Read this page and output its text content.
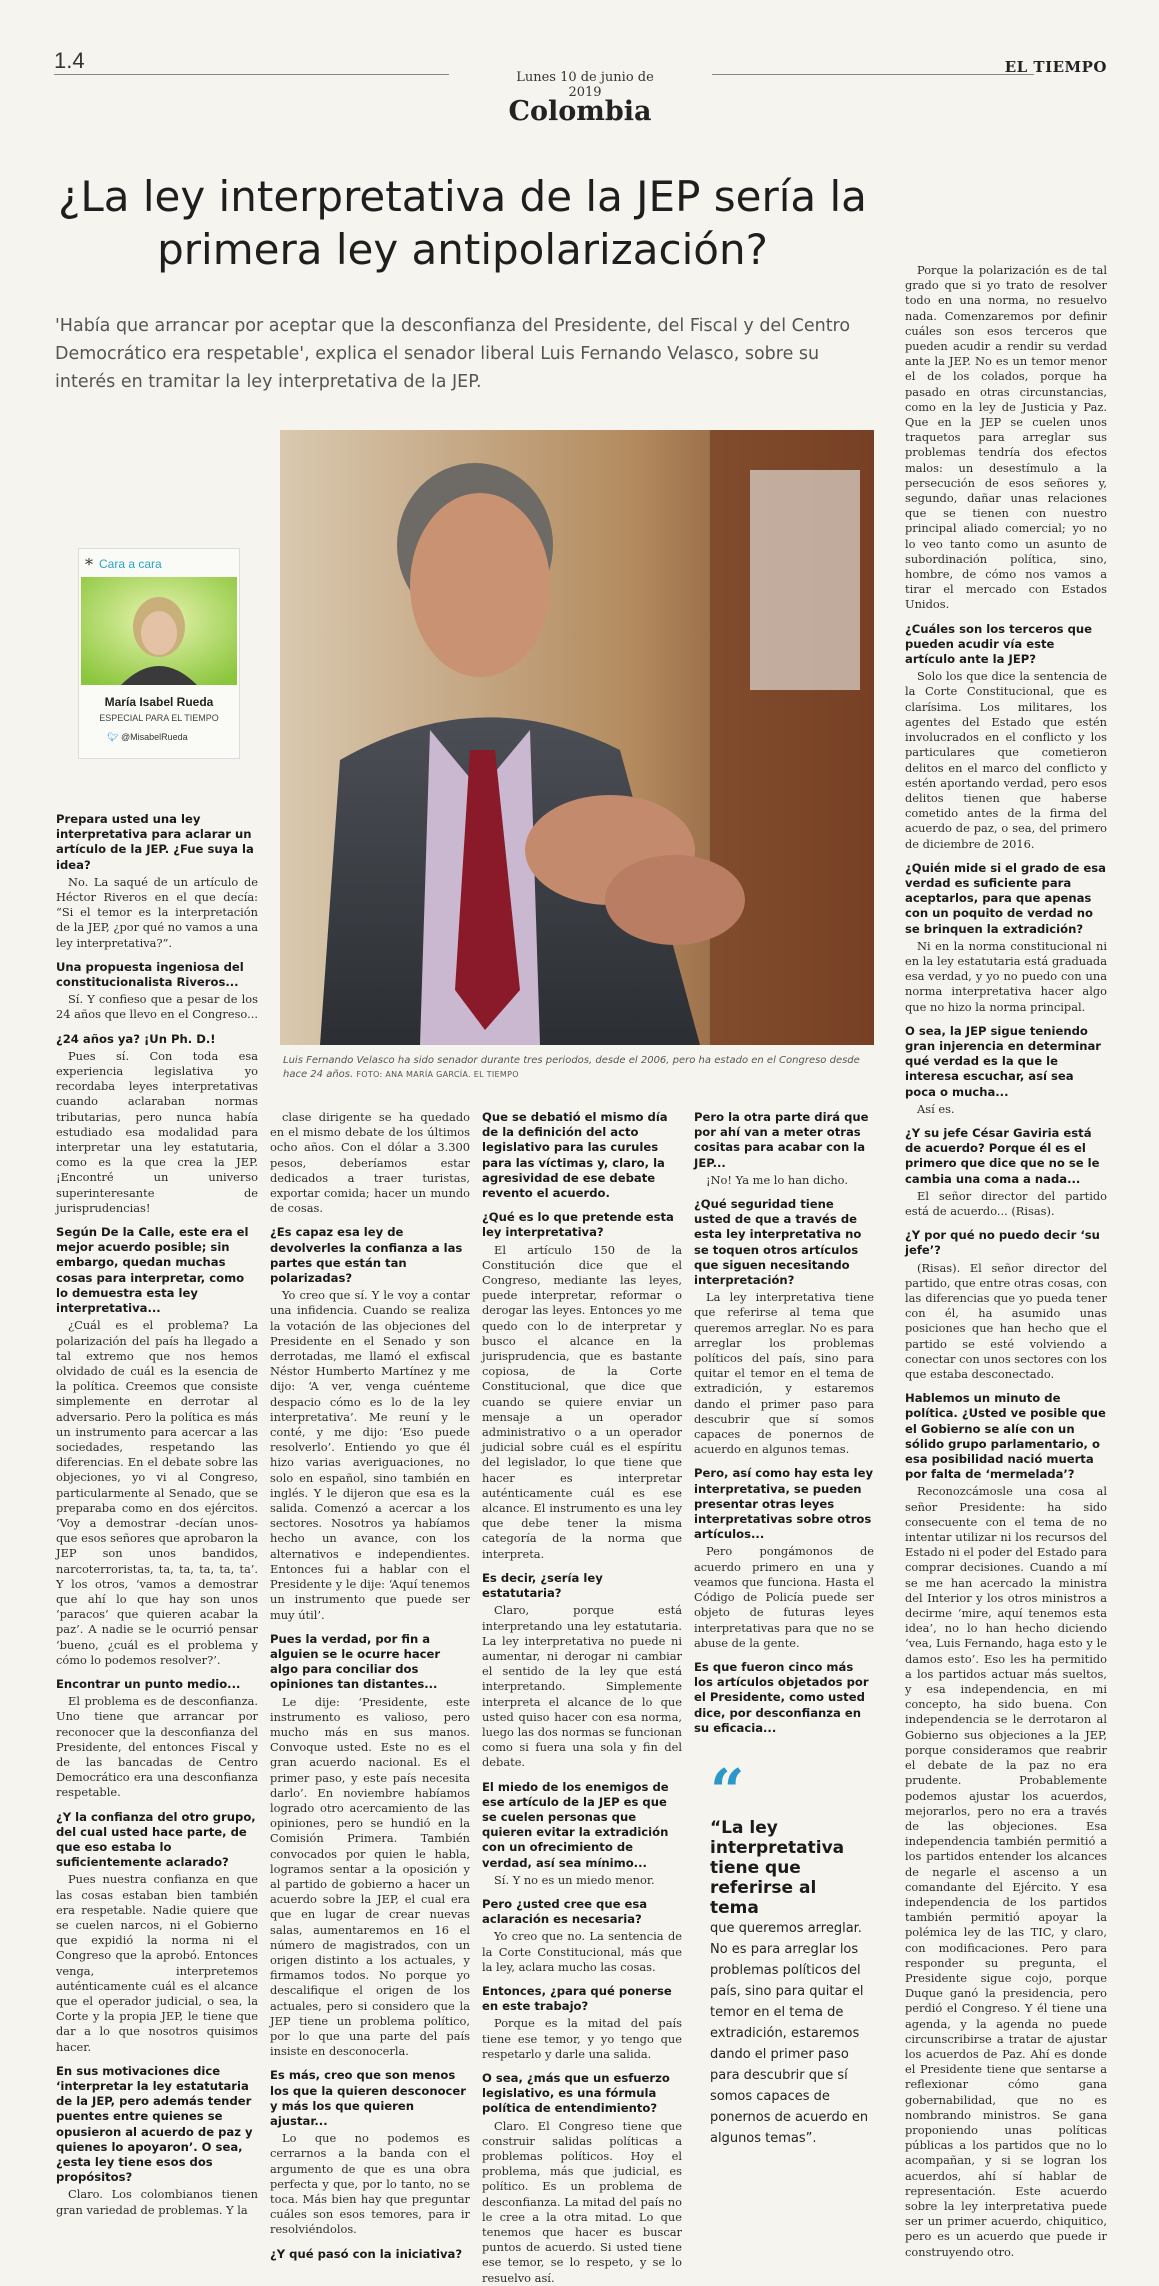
1.4
Lunes 10 de junio de 2019
EL TIEMPO
Colombia
¿La ley interpretativa de la JEP sería la primera ley antipolarización?

'Había que arrancar por aceptar que la desconfianza del Presidente, del Fiscal y del Centro Democrático era respetable', explica el senador liberal Luis Fernando Velasco, sobre su interés en tramitar la ley interpretativa de la JEP.

* Cara a cara
María Isabel Rueda
ESPECIAL PARA EL TIEMPO
🐦︎ @MisabelRueda
Luis Fernando Velasco ha sido senador durante tres periodos, desde el 2006, pero ha estado en el Congreso desde hace 24 años. FOTO: ANA MARÍA GARCÍA. EL TIEMPO
Prepara usted una ley interpretativa para aclarar un artículo de la JEP. ¿Fue suya la idea?

No. La saqué de un artículo de Héctor Riveros en el que decía: “Si el temor es la interpretación de la JEP, ¿por qué no vamos a una ley interpretativa?”.

Una propuesta ingeniosa del constitucionalista Riveros...

Sí. Y confieso que a pesar de los 24 años que llevo en el Congreso...

¿24 años ya? ¡Un Ph. D.!

Pues sí. Con toda esa experiencia legislativa yo recordaba leyes interpretativas cuando aclaraban normas tributarias, pero nunca había estudiado esa modalidad para interpretar una ley estatutaria, como es la que crea la JEP. ¡Encontré un universo superinteresante de jurisprudencias!

Según De la Calle, este era el mejor acuerdo posible; sin embargo, quedan muchas cosas para interpretar, como lo demuestra esta ley interpretativa...

¿Cuál es el problema? La polarización del país ha llegado a tal extremo que nos hemos olvidado de cuál es la esencia de la política. Creemos que consiste simplemente en derrotar al adversario. Pero la política es más un instrumento para acercar a las sociedades, respetando las diferencias. En el debate sobre las objeciones, yo vi al Congreso, particularmente al Senado, que se preparaba como en dos ejércitos. ‘Voy a demostrar -decían unos- que esos señores que aprobaron la JEP son unos bandidos, narcoterroristas, ta, ta, ta, ta, ta’. Y los otros, ‘vamos a demostrar que ahí lo que hay son unos ‘paracos’ que quieren acabar la paz’. A nadie se le ocurrió pensar ‘bueno, ¿cuál es el problema y cómo lo podemos resolver?’.

Encontrar un punto medio...

El problema es de desconfianza. Uno tiene que arrancar por reconocer que la desconfianza del Presidente, del entonces Fiscal y de las bancadas de Centro Democrático era una desconfianza respetable.

¿Y la confianza del otro grupo, del cual usted hace parte, de que eso estaba lo suficientemente aclarado?

Pues nuestra confianza en que las cosas estaban bien también era respetable. Nadie quiere que se cuelen narcos, ni el Gobierno que expidió la norma ni el Congreso que la aprobó. Entonces venga, interpretemos auténticamente cuál es el alcance que el operador judicial, o sea, la Corte y la propia JEP, le tiene que dar a lo que nosotros quisimos hacer.

En sus motivaciones dice ‘interpretar la ley estatutaria de la JEP, pero además tender puentes entre quienes se opusieron al acuerdo de paz y quienes lo apoyaron’. O sea, ¿esta ley tiene esos dos propósitos?

Claro. Los colombianos tienen gran variedad de problemas. Y la

clase dirigente se ha quedado en el mismo debate de los últimos ocho años. Con el dólar a 3.300 pesos, deberíamos estar dedicados a traer turistas, exportar comida; hacer un mundo de cosas.

¿Es capaz esa ley de devolverles la confianza a las partes que están tan polarizadas?

Yo creo que sí. Y le voy a contar una infidencia. Cuando se realiza la votación de las objeciones del Presidente en el Senado y son derrotadas, me llamó el exfiscal Néstor Humberto Martínez y me dijo: ‘A ver, venga cuénteme despacio cómo es lo de la ley interpretativa’. Me reuní y le conté, y me dijo: ‘Eso puede resolverlo’. Entiendo yo que él hizo varias averiguaciones, no solo en español, sino también en inglés. Y le dijeron que esa es la salida. Comenzó a acercar a los sectores. Nosotros ya habíamos hecho un avance, con los alternativos e independientes. Entonces fui a hablar con el Presidente y le dije: ‘Aquí tenemos un instrumento que puede ser muy útil’.

Pues la verdad, por fin a alguien se le ocurre hacer algo para conciliar dos opiniones tan distantes...

Le dije: ‘Presidente, este instrumento es valioso, pero mucho más en sus manos. Convoque usted. Este no es el gran acuerdo nacional. Es el primer paso, y este país necesita darlo’. En noviembre habíamos logrado otro acercamiento de las opiniones, pero se hundió en la Comisión Primera. También convocados por quien le habla, logramos sentar a la oposición y al partido de gobierno a hacer un acuerdo sobre la JEP, el cual era que en lugar de crear nuevas salas, aumentaremos en 16 el número de magistrados, con un origen distinto a los actuales, y firmamos todos. No porque yo descalifique el origen de los actuales, pero si considero que la JEP tiene un problema político, por lo que una parte del país insiste en desconocerla.

Es más, creo que son menos los que la quieren desconocer y más los que quieren ajustar...

Lo que no podemos es cerrarnos a la banda con el argumento de que es una obra perfecta y que, por lo tanto, no se toca. Más bien hay que preguntar cuáles son esos temores, para ir resolviéndolos.

¿Y qué pasó con la iniciativa?
Que se debatió el mismo día de la definición del acto legislativo para las curules para las víctimas y, claro, la agresividad de ese debate revento el acuerdo.
¿Qué es lo que pretende esta ley interpretativa?

El artículo 150 de la Constitución dice que el Congreso, mediante las leyes, puede interpretar, reformar o derogar las leyes. Entonces yo me quedo con lo de interpretar y busco el alcance en la jurisprudencia, que es bastante copiosa, de la Corte Constitucional, que dice que cuando se quiere enviar un mensaje a un operador administrativo o a un operador judicial sobre cuál es el espíritu del legislador, lo que tiene que hacer es interpretar auténticamente cuál es ese alcance. El instrumento es una ley que debe tener la misma categoría de la norma que interpreta.

Es decir, ¿sería ley estatutaria?

Claro, porque está interpretando una ley estatutaria. La ley interpretativa no puede ni aumentar, ni derogar ni cambiar el sentido de la ley que está interpretando. Simplemente interpreta el alcance de lo que usted quiso hacer con esa norma, luego las dos normas se funcionan como si fuera una sola y fin del debate.

El miedo de los enemigos de ese artículo de la JEP es que se cuelen personas que quieren evitar la extradición con un ofrecimiento de verdad, así sea mínimo...

Sí. Y no es un miedo menor.

Pero ¿usted cree que esa aclaración es necesaria?

Yo creo que no. La sentencia de la Corte Constitucional, más que la ley, aclara mucho las cosas.

Entonces, ¿para qué ponerse en este trabajo?

Porque es la mitad del país tiene ese temor, y yo tengo que respetarlo y darle una salida.

O sea, ¿más que un esfuerzo legislativo, es una fórmula política de entendimiento?

Claro. El Congreso tiene que construir salidas políticas a problemas políticos. Hoy el problema, más que judicial, es político. Es un problema de desconfianza. La mitad del país no le cree a la otra mitad. Lo que tenemos que hacer es buscar puntos de acuerdo. Si usted tiene ese temor, se lo respeto, y se lo resuelvo así.

Pero la otra parte dirá que por ahí van a meter otras cositas para acabar con la JEP...

¡No! Ya me lo han dicho.

¿Qué seguridad tiene usted de que a través de esta ley interpretativa no se toquen otros artículos que siguen necesitando interpretación?

La ley interpretativa tiene que referirse al tema que queremos arreglar. No es para arreglar los problemas políticos del país, sino para quitar el temor en el tema de extradición, y estaremos dando el primer paso para descubrir que sí somos capaces de ponernos de acuerdo en algunos temas.

Pero, así como hay esta ley interpretativa, se pueden presentar otras leyes interpretativas sobre otros artículos...

Pero pongámonos de acuerdo primero en una y veamos que funciona. Hasta el Código de Policía puede ser objeto de futuras leyes interpretativas para que no se abuse de la gente.

Es que fueron cinco más los artículos objetados por el Presidente, como usted dice, por desconfianza en su eficacia...

Porque la polarización es de tal grado que si yo trato de resolver todo en una norma, no resuelvo nada. Comenzaremos por definir cuáles son esos terceros que pueden acudir a rendir su verdad ante la JEP. No es un temor menor el de los colados, porque ha pasado en otras circunstancias, como en la ley de Justicia y Paz. Que en la JEP se cuelen unos traquetos para arreglar sus problemas tendría dos efectos malos: un desestímulo a la persecución de esos señores y, segundo, dañar unas relaciones que se tienen con nuestro principal aliado comercial; yo no lo veo tanto como un asunto de subordinación política, sino, hombre, de cómo nos vamos a tirar el mercado con Estados Unidos.

¿Cuáles son los terceros que pueden acudir vía este artículo ante la JEP?

Solo los que dice la sentencia de la Corte Constitucional, que es clarísima. Los militares, los agentes del Estado que estén involucrados en el conflicto y los particulares que cometieron delitos en el marco del conflicto y estén aportando verdad, pero esos delitos tienen que haberse cometido antes de la firma del acuerdo de paz, o sea, del primero de diciembre de 2016.

¿Quién mide si el grado de esa verdad es suficiente para aceptarlos, para que apenas con un poquito de verdad no se brinquen la extradición?

Ni en la norma constitucional ni en la ley estatutaria está graduada esa verdad, y yo no puedo con una norma interpretativa hacer algo que no hizo la norma principal.

O sea, la JEP sigue teniendo gran injerencia en determinar qué verdad es la que le interesa escuchar, así sea poca o mucha...

Así es.

¿Y su jefe César Gaviria está de acuerdo? Porque él es el primero que dice que no se le cambia una coma a nada...

El señor director del partido está de acuerdo... (Risas).

¿Y por qué no puedo decir ‘su jefe’?

(Risas). El señor director del partido, que entre otras cosas, con las diferencias que yo pueda tener con él, ha asumido unas posiciones que han hecho que el partido se esté volviendo a conectar con unos sectores con los que estaba desconectado.

Hablemos un minuto de política. ¿Usted ve posible que el Gobierno se alíe con un sólido grupo parlamentario, o esa posibilidad nació muerta por falta de ‘mermelada’?

Reconozcámosle una cosa al señor Presidente: ha sido consecuente con el tema de no intentar utilizar ni los recursos del Estado ni el poder del Estado para comprar decisiones. Cuando a mí se me han acercado la ministra del Interior y los otros ministros a decirme ‘mire, aquí tenemos esta idea’, no lo han hecho diciendo ‘vea, Luis Fernando, haga esto y le damos esto’. Eso les ha permitido a los partidos actuar más sueltos, y esa independencia, en mi concepto, ha sido buena. Con independencia se le derrotaron al Gobierno sus objeciones a la JEP, porque consideramos que reabrir el debate de la paz no era prudente. Probablemente podemos ajustar los acuerdos, mejorarlos, pero no era a través de las objeciones. Esa independencia también permitió a los partidos entender los alcances de negarle el ascenso a un comandante del Ejército. Y esa independencia de los partidos también permitió apoyar la polémica ley de las TIC, y claro, con modificaciones. Pero para responder su pregunta, el Presidente sigue cojo, porque Duque ganó la presidencia, pero perdió el Congreso. Y él tiene una agenda, y la agenda no puede circunscribirse a tratar de ajustar los acuerdos de Paz. Ahí es donde el Presidente tiene que sentarse a reflexionar cómo gana gobernabilidad, que no es nombrando ministros. Se gana proponiendo unas políticas públicas a los partidos que no lo acompañan, y si se logran los acuerdos, ahí sí hablar de representación. Este acuerdo sobre la ley interpretativa puede ser un primer acuerdo, chiquitico, pero es un acuerdo que puede ir construyendo otro.

“
“La ley interpretativa tiene que referirse al tema
que queremos arreglar. No es para arreglar los problemas políticos del país, sino para quitar el temor en el tema de extradición, estaremos dando el primer paso para descubrir que sí somos capaces de ponernos de acuerdo en algunos temas”.
